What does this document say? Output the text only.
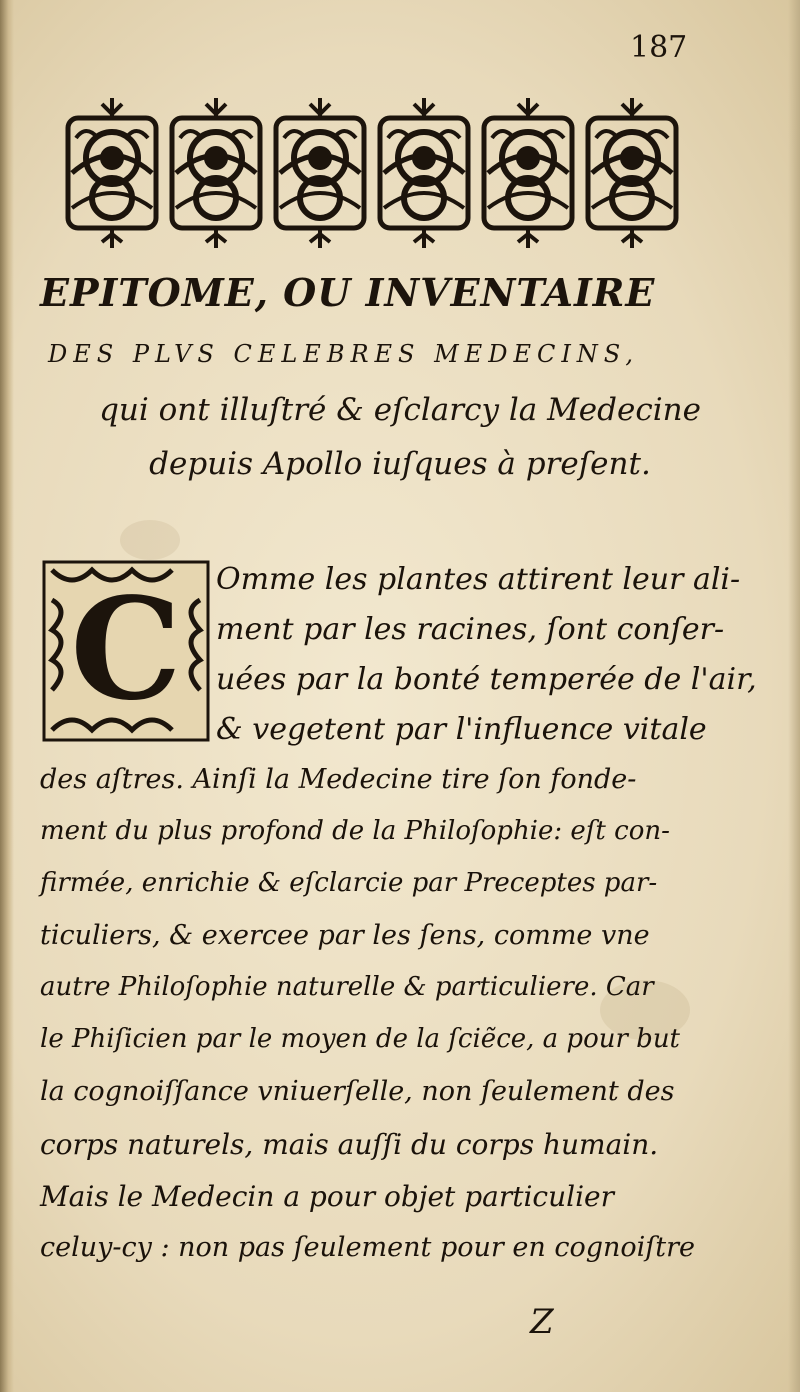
187
EPITOME, OU INVENTAIRE
DES PLVS CELEBRES MEDECINS,
qui ont illuſtré & eſclarcy la Medecine
depuis Apollo iuſques à preſent.
C Omme les plantes attirent leur ali-
ment par les racines, ſont conſer-
uées par la bonté temperée de l'air,
& vegetent par l'influence vitale
des aſtres. Ainſi la Medecine tire ſon fonde-
ment du plus profond de la Philoſophie: eſt con-
firmée, enrichie & eſclarcie par Preceptes par-
ticuliers, & exercee par les ſens, comme vne
autre Philoſophie naturelle & particuliere. Car
le Phiſicien par le moyen de la ſciẽce, a pour but
la cognoiſſance vniuerſelle, non ſeulement des
corps naturels, mais auſſi du corps humain.
Mais le Medecin a pour objet particulier
celuy-cy : non pas ſeulement pour en cognoiſtre
Z
